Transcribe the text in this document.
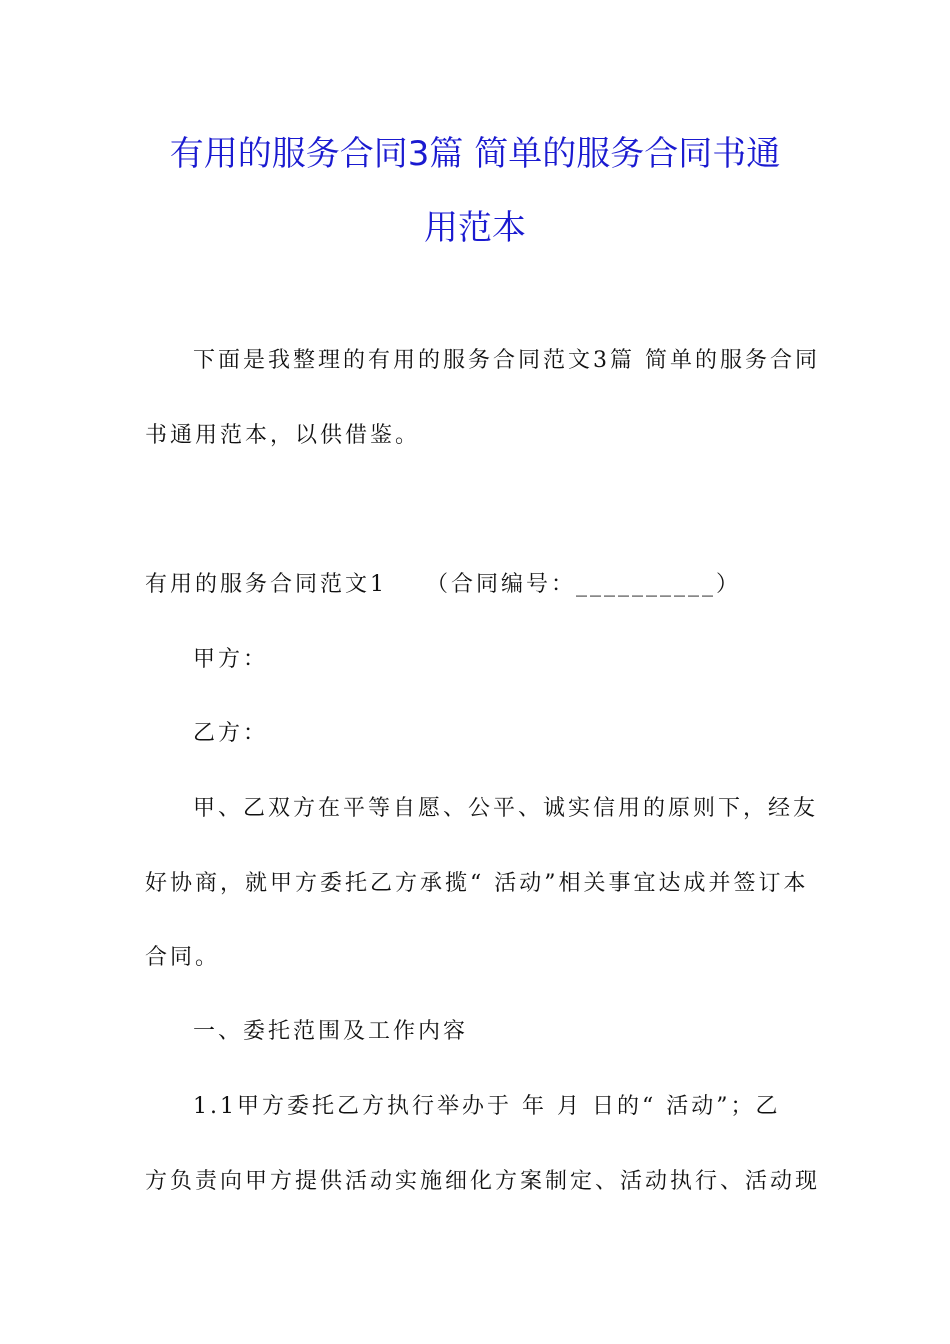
有用的服务合同3篇 简单的服务合同书通
用范本
下面是我整理的有用的服务合同范文3篇 简单的服务合同
书通用范本，以供借鉴。
有用的服务合同范文1　　（合同编号：__________）
甲方：
乙方：
甲、乙双方在平等自愿、公平、诚实信用的原则下，经友
好协商，就甲方委托乙方承揽“ 活动”相关事宜达成并签订本
合同。
一、委托范围及工作内容
1.1甲方委托乙方执行举办于 年 月 日的“ 活动”；乙
方负责向甲方提供活动实施细化方案制定、活动执行、活动现
